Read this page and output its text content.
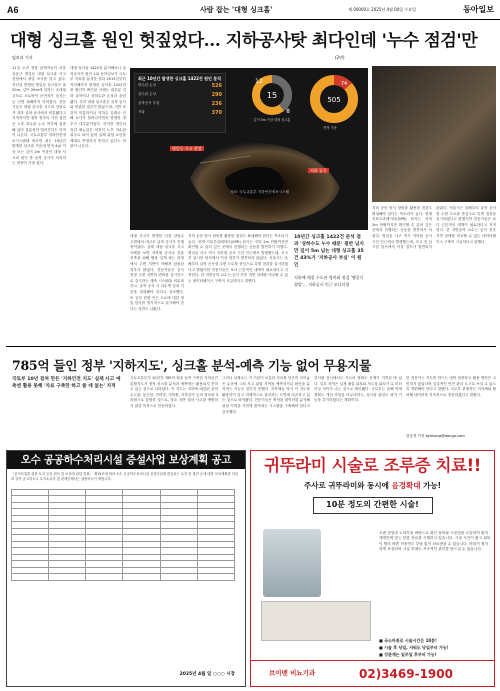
A6	사람 잡는 '대형 싱크홀'	제 00000호 2025년 4월 00일 수요일	동아일보
대형 싱크홀 원인 헛짚었다… 지하공사탓 최다인데 '누수 점검'만
임보라 기자	(2면)
11일 오전 경찰 관계자들이 서울 강동구 명일동 대형 싱크홀 사고 현장에서 정밀 조사를 하고 있다. 지난달 발생한 명일동 싱크홀은 폭 20m, 깊이 20m에 달하는 초대형 규모로 오토바이 운전자가 숨지는 등 인명 피해까지 이어졌다. 전문가들은 대형 싱크홀 사고의 상당수가 지하 굴착 공사에서 비롯됐다고 지적하지만 정작 정부의 사전 점검은 노후 하수관 누수 여부에 집중돼 있어 실효성이 떨어진다는 지적이 나온다. 국토교통부 지하안전정보시스템에 따르면 최근 10년간 발생한 싱크홀 가운데 면적 4㎡ 이상 또는 깊이 2m 이상인 대형 사고의 원인 중 굴착 공사가 차지하는 비중이 가장 컸다.
대형 싱크홀 1422건 분석해보니 굴착공사가 원인 1위 동아일보가 국토부 자료를 분석한 결과 2015년부터 지난해까지 발생한 싱크홀 1422건 중 원인이 확인된 사례는 대부분 지하 굴착이나 상하수관 손상과 관련됐다. 특히 대형 싱크홀은 굴착 공사와 연관된 경우가 많았으며, 지반 보강이 미흡하거나 지하수 유출로 인해 토사가 쓸려나가면서 발생한 경우가 대부분이었다. 하지만 정부의 점검 매뉴얼은 여전히 노후 하수관 위주로 되어 있어 실제 위험 요인을 제대로 반영하지 못하고 있다는 비판이 나온다.
최근 10년간 발생한 싱크홀 1422건 원인 분석
하수관 손상	526
상수관 손상	290
굴착공사 부실	236
기타	370
15
12
8
깊이 5m 이상 대형 싱크홀
505
74
면적 기준
명일동 사고 현장
지하 공동
자료: 국토교통부 지하안전정보시스템
대형 사고가 발생한 지점 상당수 주변에서 대규모 굴착 공사가 진행 중이었다. 실제 대형 싱크홀 사고 사례를 보면 지하철 공사나 건물 신축을 위해 땅을 깊게 파는 과정에서 주변 지반이 약해져 함몰된 경우가 많았다. 전문가들은 공사 현장 주변 지반의 변화를 실시간으로 감시하는 계측 시스템을 의무화하고, 굴착 공사 시 차수벽 설치 기준을 강화해야 한다고 강조했다. 또 공사 현장 인근 도로에 대한 정밀 탐사를 정기적으로 실시해야 한다는 의견도 나왔다.
지하 공동 탐사 장비를 활용한 점검도 확대해야 한다는 목소리가 높다. 현재 지표투과레이더(GPR) 탐사는 지하 2m 안팎까지만 확인할 수 있어 깊은 곳에서 진행되는 공동을 발견하기 어렵다. 명일동 사고 역시 지하철 공사 구간 인근에서 발생했는데, 사고 전 실시한 탐사에서 이상 징후가 발견되지 않았다. 서울시는 올해부터 굴착 공사장 주변 도로를 중심으로 특별 점검을 실시하겠다고 밝혔지만 전문가들은 보다 근본적인 대책이 필요하다고 지적한다. 한 지반공학 교수는 공사 전후 지반 상태를 비교할 수 있는 데이터베이스 구축이 시급하다고 말했다.
10년간 싱크홀 1422건 분석 결과 '상하수도 누수 때문' 절반 넘지만 깊이 5m 넘는 대형 싱크홀 35건 43%가 '지하공사 부실' 이 원인
지하에 매설 수도관 정비와 점검 '땜질식 협업'… 지하공사 인근 모니터링
지하 공동 탐사 장비를 활용한 점검도 확대해야 한다는 목소리가 높다. 현재 지표투과레이더(GPR) 탐사는 지하 2m 안팎까지만 확인할 수 있어 깊은 곳에서 진행되는 공동을 발견하기 어렵다. 명일동 사고 역시 지하철 공사 구간 인근에서 발생했는데, 사고 전 실시한 탐사에서 이상 징후가 발견되지 않았다. 서울시는 올해부터 굴착 공사장 주변 도로를 중심으로 특별 점검을 실시하겠다고 밝혔지만 전문가들은 보다 근본적인 대책이 필요하다고 지적한다. 한 지반공학 교수는 공사 전후 지반 상태를 비교할 수 있는 데이터베이스 구축이 시급하다고 말했다.
785억 들인 정부 '지하지도', 싱크홀 분석-예측 기능 없어 무용지물
국토부 10년 걸쳐 만든 '지하안전 지도' 실제 사고 예측엔 활용 못해 '자료 구축만 하고 쓸 데 없는' 지적
국토교통부가 10년간 785억 원을 들여 구축한 지하공간통합지도가 정작 싱크홀 분석과 예측에는 활용되지 못하고 있는 것으로 나타났다. 이 지도는 지하에 매설된 상하수도관, 통신망, 전력망, 지하철, 지하상가 등의 정보를 3차원으로 통합한 것으로, 당초 지반 침하 사고를 예방하기 위한 목적으로 만들어졌다.
그러나 실제로는 각 기관이 보유한 자료를 단순히 모아놓은 수준에 그쳐 사고 위험 지역을 예측하거나 원인을 분석하는 기능은 갖추지 못했다. 지자체들 역시 이 지도를 활용하지 않고 자체적으로 관리하는 도면에 의존하고 있는 것으로 파악됐다. 전문가들은 축적된 데이터를 분석해 위험 지역을 사전에 찾아내는 시스템을 구축해야 한다고 강조했다.
감사원 감사에서도 지도의 정확도 문제가 지적된 바 있다. 일부 지역은 실제 매설 위치와 지도상 위치가 수 미터 이상 차이가 나는 것으로 확인됐다. 국토부는 올해 안에 정확도 개선 작업을 마무리하고, 싱크홀 위험도 평가 기능을 추가하겠다는 계획이다.
한 전문가는 지도를 만드는 데만 집중하고 활용 방안은 고민하지 않았다며 실질적인 안전 관리 도구로 쓰일 수 있도록 개편해야 한다고 말했다. 국토부 관계자는 지자체와 협력해 데이터를 지속적으로 갱신하겠다고 밝혔다.
강승현 기자 byhkang@donga.com
오수 공공하수처리시설 증설사업 보상계획 공고
「공익사업을 위한 토지 등의 취득 및 보상에 관한 법률」 제15조에 따라 오수 공공하수처리시설 증설사업에 편입되는 토지 및 물건 등에 대한 보상계획을 다음과 같이 공고하오니 토지소유자 및 관계인께서는 열람하시기 바랍니다.

2025년 4월 일 ○○○ 시장
귀뚜라미 시술로 조루증 치료!!
주사로 귀뚜라미와 동시에 음경확대 가능!
10분 정도의 간편한 시술!
오랜 경험과 노하우를 바탕으로 최신 장비와 시술법을 도입하여 환자 개개인에 맞는 맞춤 진료를 시행하고 있습니다. 시술 시간이 짧고 회복이 빨라 바쁜 직장인도 부담 없이 치료받을 수 있습니다. 비밀이 철저하게 보장되며 시술 후에도 지속적인 관리를 받으실 수 있습니다.
■ 국소마취로 시술시간은 10분!
■ 시술 후 당일, 샤워도 당일부터 가능!
■ 성관계는 일주일 후부터 가능!
브이맨 비뇨기과	02)3469-1900
